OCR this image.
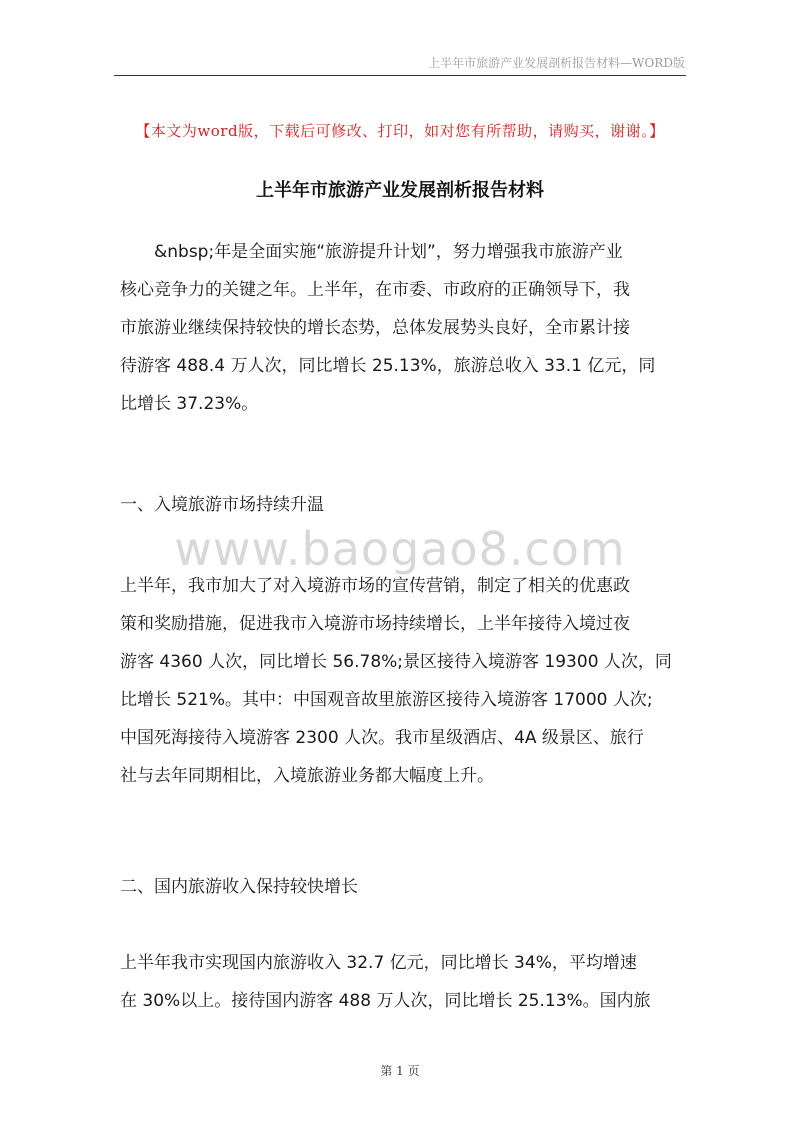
上半年市旅游产业发展剖析报告材料—WORD版
【本文为word版，下载后可修改、打印，如对您有所帮助，请购买，谢谢。】
上半年市旅游产业发展剖析报告材料
&nbsp;年是全面实施“旅游提升计划”，努力增强我市旅游产业
核心竞争力的关键之年。上半年，在市委、市政府的正确领导下，我
市旅游业继续保持较快的增长态势，总体发展势头良好，全市累计接
待游客 488.4 万人次，同比增长 25.13%，旅游总收入 33.1 亿元，同
比增长 37.23%。
一、入境旅游市场持续升温
www.baogao8.com
上半年，我市加大了对入境游市场的宣传营销，制定了相关的优惠政
策和奖励措施，促进我市入境游市场持续增长，上半年接待入境过夜
游客 4360 人次，同比增长 56.78%;景区接待入境游客 19300 人次，同
比增长 521%。其中：中国观音故里旅游区接待入境游客 17000 人次;
中国死海接待入境游客 2300 人次。我市星级酒店、4A 级景区、旅行
社与去年同期相比，入境旅游业务都大幅度上升。
二、国内旅游收入保持较快增长
上半年我市实现国内旅游收入 32.7 亿元，同比增长 34%，平均增速
在 30%以上。接待国内游客 488 万人次，同比增长 25.13%。国内旅
第 1 页
